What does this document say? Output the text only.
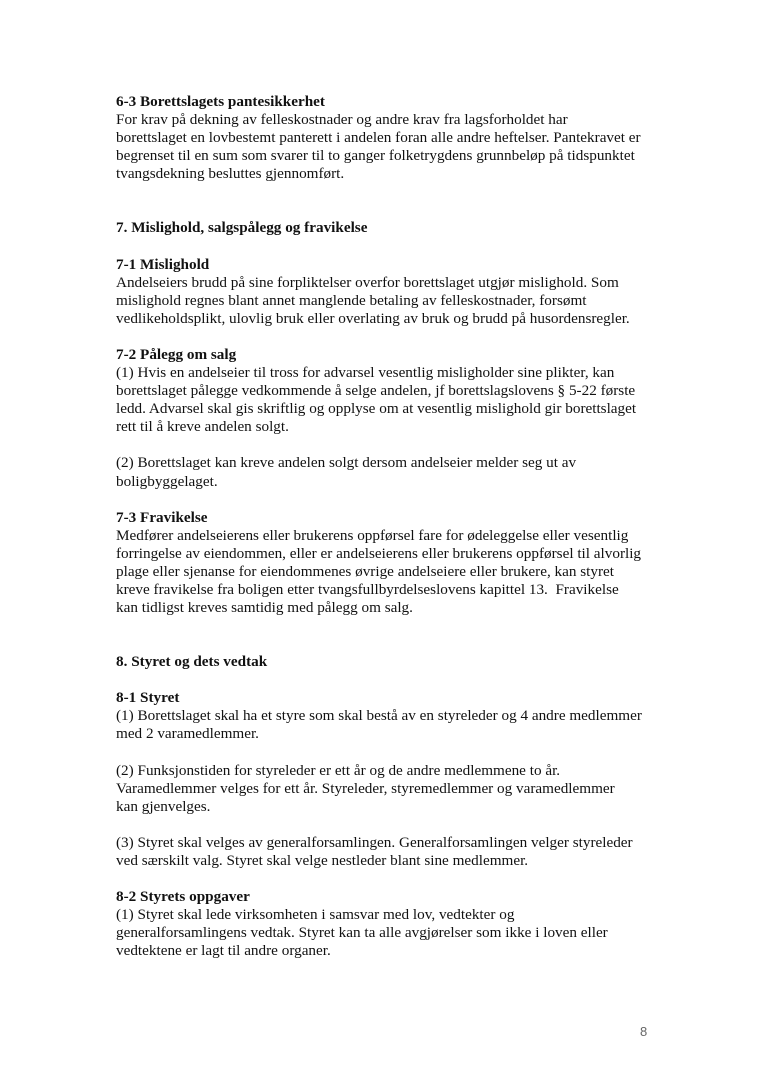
6-3 Borettslagets pantesikkerhet

For krav på dekning av felleskostnader og andre krav fra lagsforholdet har
borettslaget en lovbestemt panterett i andelen foran alle andre heftelser. Pantekravet er
begrenset til en sum som svarer til to ganger folketrygdens grunnbeløp på tidspunktet
tvangsdekning besluttes gjennomført.

7. Mislighold, salgspålegg og fravikelse

7-1 Mislighold

Andelseiers brudd på sine forpliktelser overfor borettslaget utgjør mislighold. Som
mislighold regnes blant annet manglende betaling av felleskostnader, forsømt
vedlikeholdsplikt, ulovlig bruk eller overlating av bruk og brudd på husordensregler.

7-2 Pålegg om salg

(1) Hvis en andelseier til tross for advarsel vesentlig misligholder sine plikter, kan
borettslaget pålegge vedkommende å selge andelen, jf borettslagslovens § 5-22 første
ledd. Advarsel skal gis skriftlig og opplyse om at vesentlig mislighold gir borettslaget
rett til å kreve andelen solgt.

(2) Borettslaget kan kreve andelen solgt dersom andelseier melder seg ut av
boligbyggelaget.

7-3 Fravikelse

Medfører andelseierens eller brukerens oppførsel fare for ødeleggelse eller vesentlig
forringelse av eiendommen, eller er andelseierens eller brukerens oppførsel til alvorlig
plage eller sjenanse for eiendommenes øvrige andelseiere eller brukere, kan styret
kreve fravikelse fra boligen etter tvangsfullbyrdelseslovens kapittel 13.  Fravikelse
kan tidligst kreves samtidig med pålegg om salg.

8. Styret og dets vedtak

8-1 Styret

(1) Borettslaget skal ha et styre som skal bestå av en styreleder og 4 andre medlemmer
med 2 varamedlemmer.

(2) Funksjonstiden for styreleder er ett år og de andre medlemmene to år.
Varamedlemmer velges for ett år. Styreleder, styremedlemmer og varamedlemmer
kan gjenvelges.

(3) Styret skal velges av generalforsamlingen. Generalforsamlingen velger styreleder
ved særskilt valg. Styret skal velge nestleder blant sine medlemmer.

8-2 Styrets oppgaver

(1) Styret skal lede virksomheten i samsvar med lov, vedtekter og
generalforsamlingens vedtak. Styret kan ta alle avgjørelser som ikke i loven eller
vedtektene er lagt til andre organer.

8
